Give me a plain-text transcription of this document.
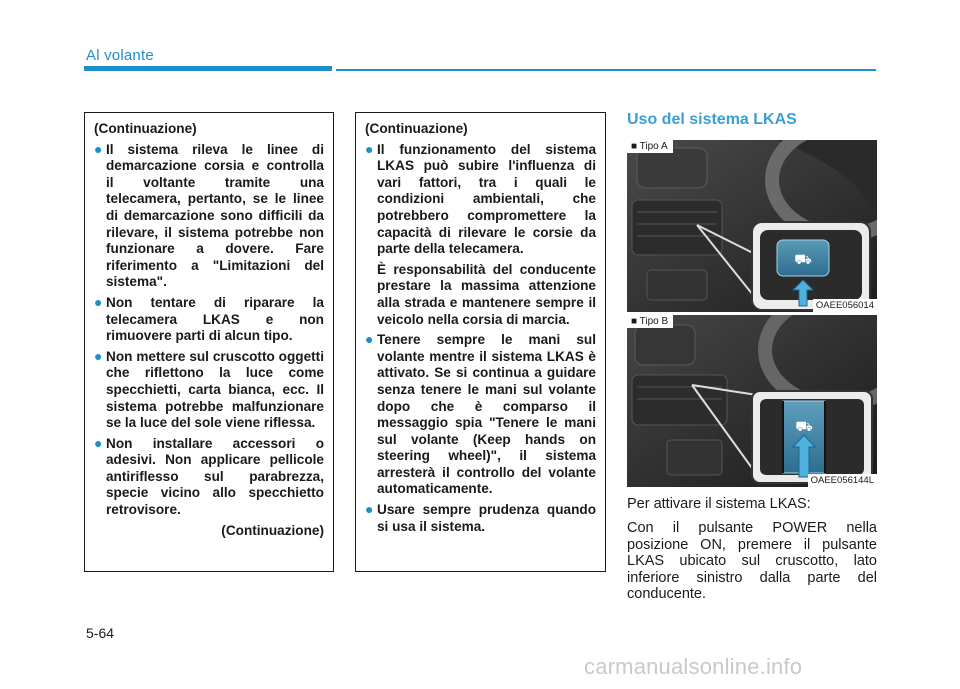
Al volante
(Continuazione)
● Il sistema rileva le linee di demarcazione corsia e controlla il voltante tramite una telecamera, pertanto, se le linee di demarcazione sono difficili da rilevare, il sistema potrebbe non funzionare a dovere. Fare riferimento a "Limitazioni del sistema".
● Non tentare di riparare la telecamera LKAS e non rimuovere parti di alcun tipo.
● Non mettere sul cruscotto oggetti che riflettono la luce come specchietti, carta bianca, ecc. Il sistema potrebbe malfunzionare se la luce del sole viene riflessa.
● Non installare accessori o adesivi. Non applicare pellicole antiriflesso sul parabrezza, specie vicino allo specchietto retrovisore.
(Continuazione)
(Continuazione)
● Il funzionamento del sistema LKAS può subire l'influenza di vari fattori, tra i quali le condizioni ambientali, che potrebbero compromettere la capacità di rilevare le corsie da parte della telecamera.
È responsabilità del conducente prestare la massima attenzione alla strada e mantenere sempre il veicolo nella corsia di marcia.
● Tenere sempre le mani sul volante mentre il sistema LKAS è attivato. Se si continua a guidare senza tenere le mani sul volante dopo che è comparso il messaggio spia "Tenere le mani sul volante (Keep hands on steering wheel)", il sistema arresterà il controllo del volante automaticamente.
● Usare sempre prudenza quando si usa il sistema.
Uso del sistema LKAS
⛟
■ Tipo A
OAEE056014
⛟
■ Tipo B
OAEE056144L

Per attivare il sistema LKAS:

Con il pulsante POWER nella posizione ON, premere il pulsante LKAS ubicato sul cruscotto, lato inferiore sinistro dalla parte del conducente.

5-64
carmanualsonline.info
